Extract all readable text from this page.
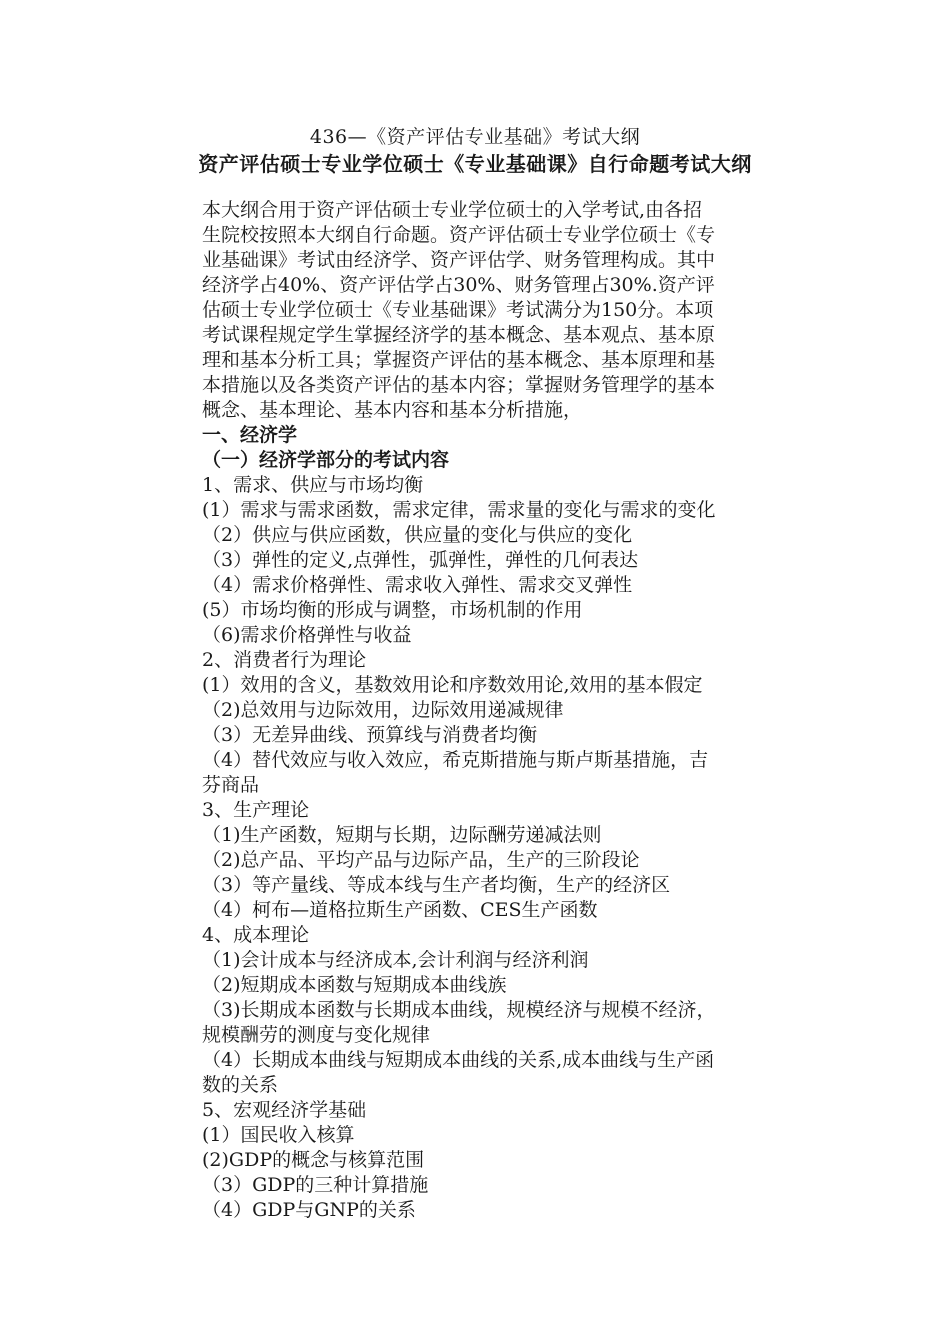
436—《资产评估专业基础》考试大纲
资产评估硕士专业学位硕士《专业基础课》自行命题考试大纲
本大纲合用于资产评估硕士专业学位硕士的入学考试,由各招
生院校按照本大纲自行命题。资产评估硕士专业学位硕士《专
业基础课》考试由经济学、资产评估学、财务管理构成。其中
经济学占40%、资产评估学占30%、财务管理占30%.资产评
估硕士专业学位硕士《专业基础课》考试满分为150分。本项
考试课程规定学生掌握经济学的基本概念、基本观点、基本原
理和基本分析工具；掌握资产评估的基本概念、基本原理和基
本措施以及各类资产评估的基本内容；掌握财务管理学的基本
概念、基本理论、基本内容和基本分析措施，
一、经济学
（一）经济学部分的考试内容
1、需求、供应与市场均衡
(1）需求与需求函数，需求定律，需求量的变化与需求的变化
（2）供应与供应函数，供应量的变化与供应的变化
（3）弹性的定义,点弹性，弧弹性，弹性的几何表达
（4）需求价格弹性、需求收入弹性、需求交叉弹性
(5）市场均衡的形成与调整，市场机制的作用
（6)需求价格弹性与收益
2、消费者行为理论
(1）效用的含义，基数效用论和序数效用论,效用的基本假定
（2)总效用与边际效用，边际效用递减规律
（3）无差异曲线、预算线与消费者均衡
（4）替代效应与收入效应，希克斯措施与斯卢斯基措施，吉
芬商品
3、生产理论
（1)生产函数，短期与长期，边际酬劳递减法则
（2)总产品、平均产品与边际产品，生产的三阶段论
（3）等产量线、等成本线与生产者均衡，生产的经济区
（4）柯布—道格拉斯生产函数、CES生产函数
4、成本理论
（1)会计成本与经济成本,会计利润与经济利润
（2)短期成本函数与短期成本曲线族
（3)长期成本函数与长期成本曲线，规模经济与规模不经济，
规模酬劳的测度与变化规律
（4）长期成本曲线与短期成本曲线的关系,成本曲线与生产函
数的关系
5、宏观经济学基础
(1）国民收入核算
(2)GDP的概念与核算范围
（3）GDP的三种计算措施
（4）GDP与GNP的关系
